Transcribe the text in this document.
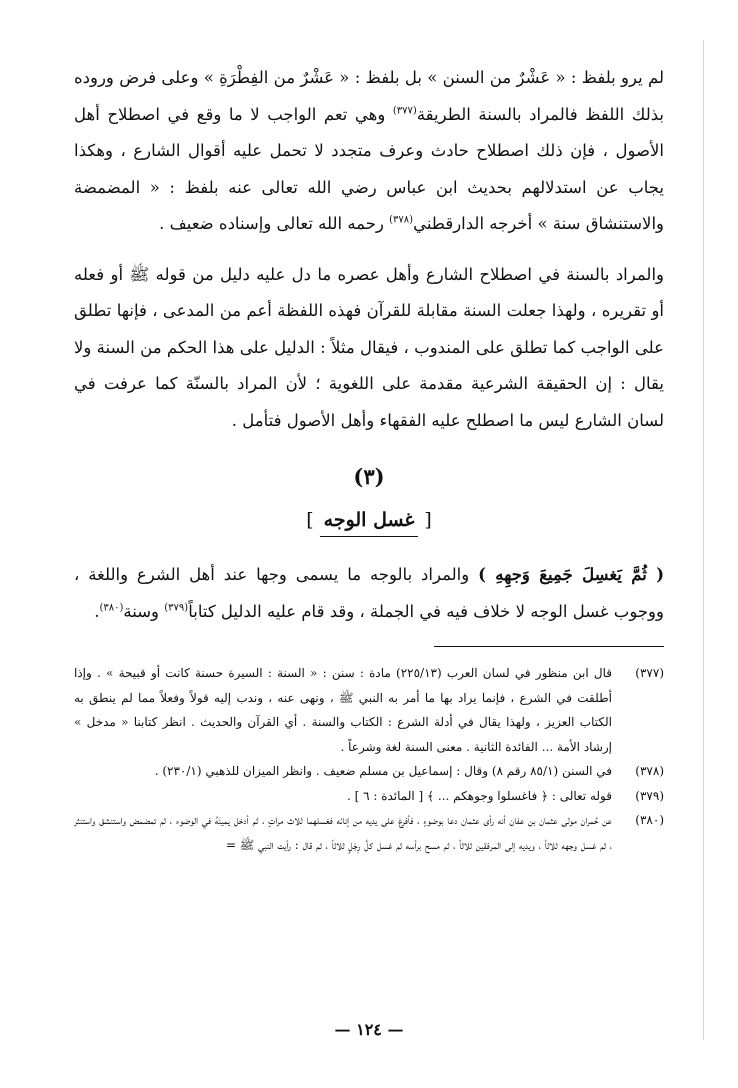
لم يرو بلفظ : « عَشْرٌ من السنن » بل بلفظ : « عَشْرٌ من الفِطْرَةِ » وعلى فرض وروده بذلك اللفظ فالمراد بالسنة الطريقة$^{(٣٧٧)}$ وهي تعم الواجب لا ما وقع في اصطلاح أهل الأصول ، فإن ذلك اصطلاح حادث وعرف متجدد لا تحمل عليه أقوال الشارع ، وهكذا يجاب عن استدلالهم بحديث ابن عباس رضي الله تعالى عنه بلفظ : « المضمضة والاستنشاق سنة » أخرجه الدارقطني$^{(٣٧٨)}$ رحمه الله تعالى وإسناده ضعيف .

والمراد بالسنة في اصطلاح الشارع وأهل عصره ما دل عليه دليل من قوله ﷺ أو فعله أو تقريره ، ولهذا جعلت السنة مقابلة للقرآن فهذه اللفظة أعم من المدعى ، فإنها تطلق على الواجب كما تطلق على المندوب ، فيقال مثلاً : الدليل على هذا الحكم من السنة ولا يقال : إن الحقيقة الشرعية مقدمة على اللغوية ؛ لأن المراد بالسنّة كما عرفت في لسان الشارع ليس ما اصطلح عليه الفقهاء وأهل الأصول فتأمل .

(٣)
[
غسل الوجه
]

( ثُمَّ يَغسِلَ جَمِيعَ وَجهِهِ ) والمراد بالوجه ما يسمى وجها عند أهل الشرع واللغة ، ووجوب غسل الوجه لا خلاف فيه في الجملة ، وقد قام عليه الدليل كتاباً$^{(٣٧٩)}$ وسنة$^{(٣٨٠)}$.

(٣٧٧)
قال ابن منظور في لسان العرب (٢٢٥/١٣) مادة : سنن : « السنة : السيرة حسنة كانت أو قبيحة » . وإذا أطلقت في الشرع ، فإنما يراد بها ما أمر به النبي ﷺ ، ونهى عنه ، وندب إليه قولاً وفعلاً مما لم ينطق به الكتاب العزيز ، ولهذا يقال في أدلة الشرع : الكتاب والسنة . أي القرآن والحديث . انظر كتابنا « مدخل » إرشاد الأمة ... الفائدة الثانية . معنى السنة لغة وشرعاً .
(٣٧٨)
في السنن (٨٥/١ رقم ٨) وقال : إسماعيل بن مسلم ضعيف . وانظر الميزان للذهبي (٢٣٠/١) .
(٣٧٩)
قوله تعالى : ﴿ فاغسلوا وجوهكم ... ﴾ [ المائدة : ٦ ] .
(٣٨٠)
عن حُمران مولى عثمان بن عفان أنه رأى عثمان دعا بوضوءٍ ، فأفرغ على يديه من إنائه فغسلهما ثلاث مراتٍ ، ثم أدخل يمينَهُ في الوضوء ، ثم تمضمض واستنشق واستنثر ، ثم غسل وجهه ثلاثاً ، ويديه إلى المرفقين ثلاثاً ، ثم مسح برأسه ثم غسل كلَّ رِجْلٍ ثلاثاً ، ثم قال : رأيت النبي ﷺ =
— ١٢٤ —
